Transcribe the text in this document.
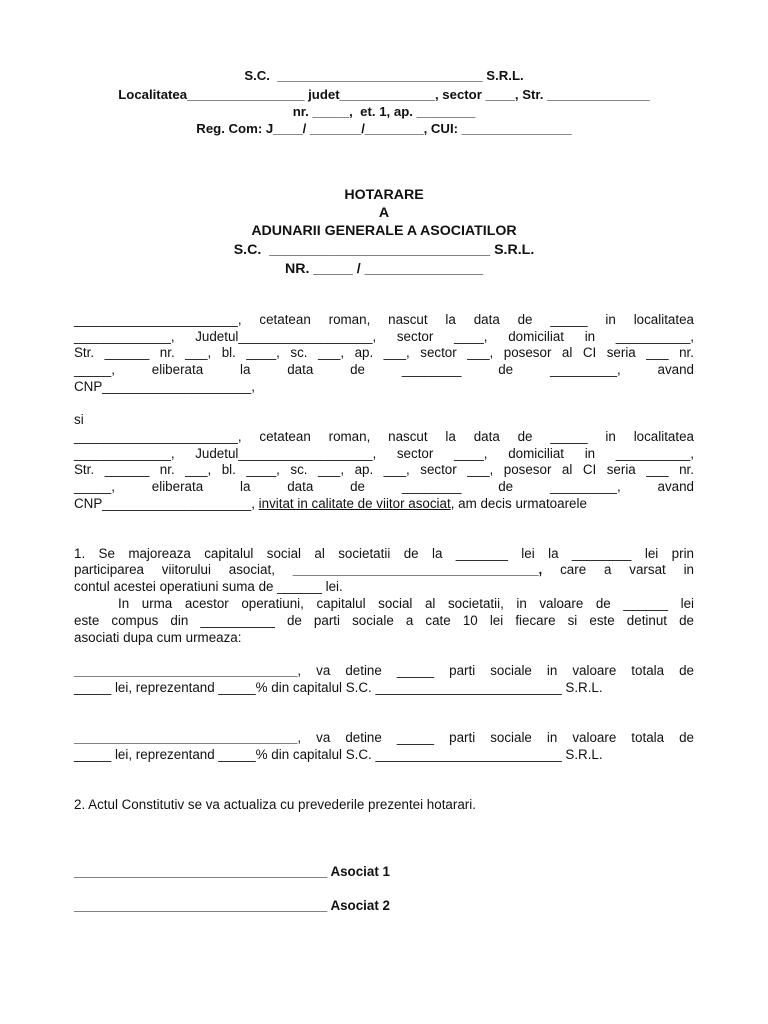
S.C.  ____________________________ S.R.L.
Localitatea________________ judet_____________, sector ____, Str. ______________
nr. _____,  et. 1, ap. ________
Reg. Com: J____/ _______/________, CUI: _______________
HOTARARE
A
ADUNARII GENERALE A ASOCIATILOR
S.C.  ____________________________ S.R.L.
NR. _____ / _______________
______________________, cetatean roman, nascut la data de _____ in localitatea
_____________, Judetul__________________, sector ____, domiciliat in __________,
Str. ______ nr. ___, bl. ____, sc. ___, ap. ___, sector ___, posesor al CI seria ___ nr.
_____, eliberata la data de ________ de _________, avand
CNP____________________,
si
______________________, cetatean roman, nascut la data de _____ in localitatea
_____________, Judetul__________________, sector ____, domiciliat in __________,
Str. ______ nr. ___, bl. ____, sc. ___, ap. ___, sector ___, posesor al CI seria ___ nr.
_____, eliberata la data de ________ de _________, avand
CNP____________________, invitat in calitate de viitor asociat, am decis urmatoarele
1. Se majoreaza capitalul social al societatii de la _______ lei la ________ lei prin
participarea viitorului asociat, _________________________________, care a varsat in
contul acestei operatiuni suma de ______ lei.
In urma acestor operatiuni, capitalul social al societatii, in valoare de ______ lei
este compus din __________ de parti sociale a cate 10 lei fiecare si este detinut de
asociati dupa cum urmeaza:
______________________________, va detine _____ parti sociale in valoare totala de
_____ lei, reprezentand _____% din capitalul S.C. _________________________ S.R.L.
______________________________, va detine _____ parti sociale in valoare totala de
_____ lei, reprezentand _____% din capitalul S.C. _________________________ S.R.L.
2. Actul Constitutiv se va actualiza cu prevederile prezentei hotarari.
__________________________________ Asociat 1
__________________________________ Asociat 2
